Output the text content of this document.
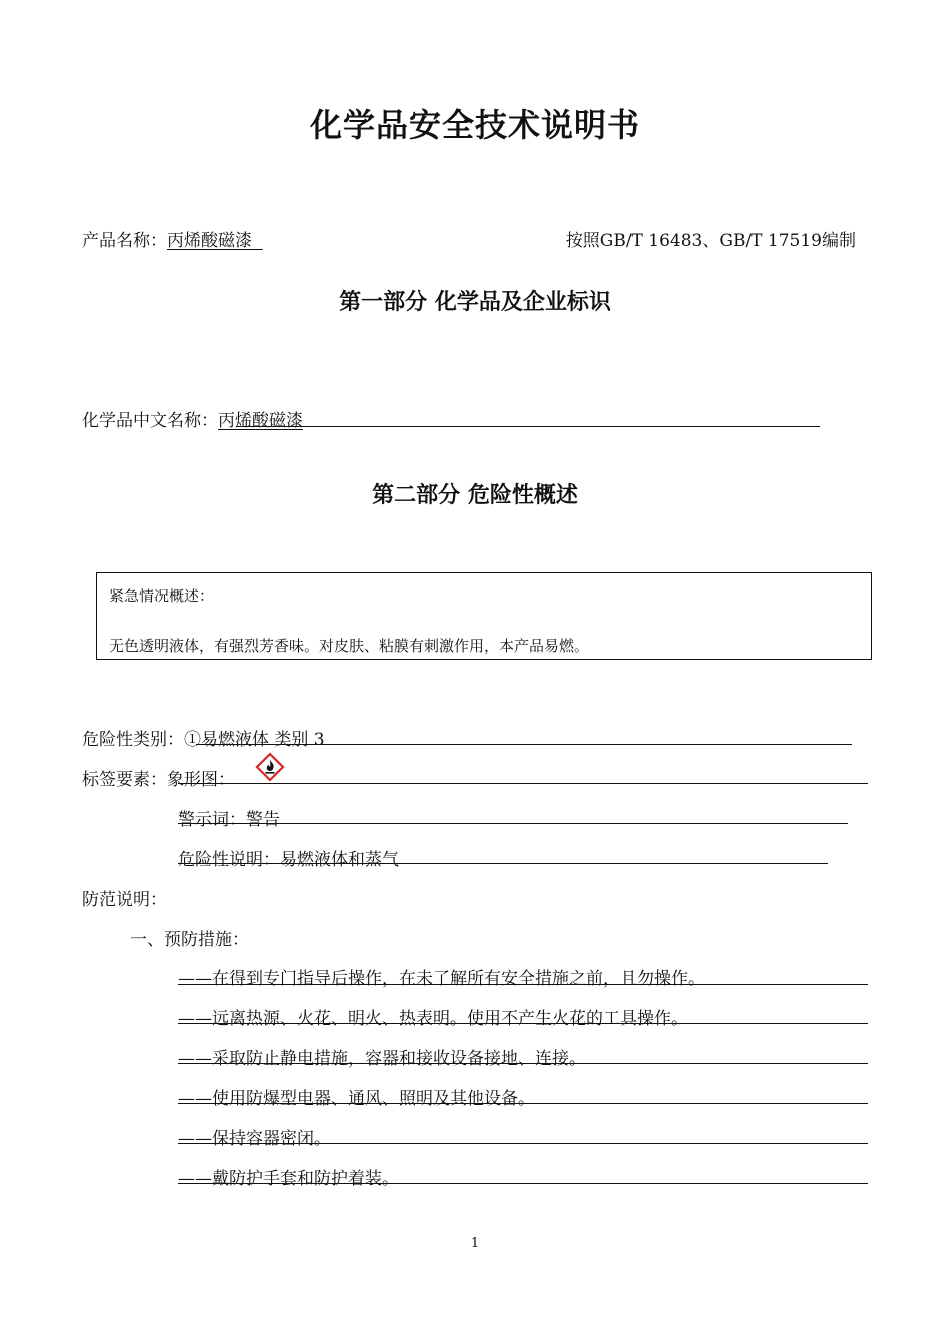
化学品安全技术说明书
产品名称：丙烯酸磁漆	按照GB/T 16483、GB/T 17519编制
第一部分 化学品及企业标识
化学品中文名称：丙烯酸磁漆
第二部分 危险性概述
紧急情况概述：
无色透明液体，有强烈芳香味。对皮肤、粘膜有刺激作用，本产品易燃。
危险性类别：①易燃液体 类别 3
标签要素：象形图：
警示词：警告
危险性说明：易燃液体和蒸气
防范说明：
一、预防措施：
——在得到专门指导后操作，在未了解所有安全措施之前，且勿操作。
——远离热源、火花、明火、热表明。使用不产生火花的工具操作。
——采取防止静电措施，容器和接收设备接地、连接。
——使用防爆型电器、通风、照明及其他设备。
——保持容器密闭。
——戴防护手套和防护着装。
1
